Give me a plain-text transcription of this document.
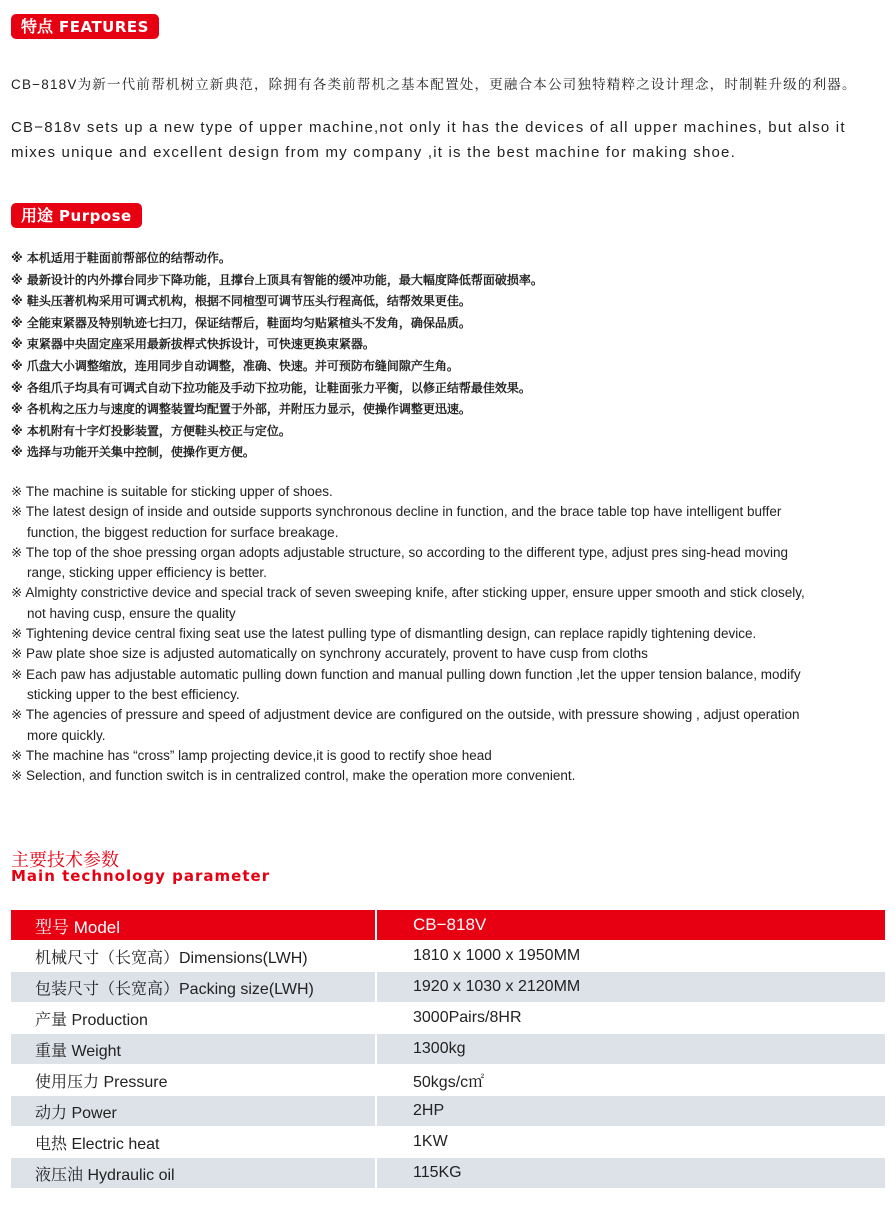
特点 FEATURES
CB−818V为新一代前帮机树立新典范，除拥有各类前帮机之基本配置处，更融合本公司独特精粹之设计理念，时制鞋升级的利器。
CB−818v sets up a new type of upper machine,not only it has the devices of all upper machines, but also it
mixes unique and excellent design from my company ,it is the best machine for making shoe.
用途 Purpose
※ 本机适用于鞋面前帮部位的结帮动作。
※ 最新设计的内外撑台同步下降功能，且撑台上顶具有智能的缓冲功能，最大幅度降低帮面破损率。
※ 鞋头压著机构采用可调式机构，根据不同楦型可调节压头行程高低，结帮效果更佳。
※ 全能束紧器及特别轨迹七扫刀，保证结帮后，鞋面均匀贴紧楦头不发角，确保品质。
※ 束紧器中央固定座采用最新拔桿式快拆设计，可快速更换束紧器。
※ 爪盘大小调整缩放，连用同步自动调整，准确、快速。并可预防布缝间隙产生角。
※ 各组爪子均具有可调式自动下拉功能及手动下拉功能，让鞋面张力平衡，以修正结帮最佳效果。
※ 各机构之压力与速度的调整装置均配置于外部，并附压力显示，使操作调整更迅速。
※ 本机附有十字灯投影装置，方便鞋头校正与定位。
※ 选择与功能开关集中控制，使操作更方便。
※ The machine is suitable for sticking upper of shoes.
※ The latest design of inside and outside supports synchronous decline in function, and the brace table top have intelligent buffer
function, the biggest reduction for surface breakage.
※ The top of the shoe pressing organ adopts adjustable structure, so according to the different type, adjust pres sing-head moving
range, sticking upper efficiency is better.
※ Almighty constrictive device and special track of seven sweeping knife, after sticking upper, ensure upper smooth and stick closely,
not having cusp, ensure the quality
※ Tightening device central fixing seat use the latest pulling type of dismantling design, can replace rapidly tightening device.
※ Paw plate shoe size is adjusted automatically on synchrony accurately, provent to have cusp from cloths
※ Each paw has adjustable automatic pulling down function and manual pulling down function ,let the upper tension balance, modify
sticking upper to the best efficiency.
※ The agencies of pressure and speed of adjustment device are configured on the outside, with pressure showing , adjust operation
more quickly.
※ The machine has “cross” lamp projecting device,it is good to rectify shoe head
※ Selection, and function switch is in centralized control, make the operation more convenient.
主要技术参数
Main technology parameter
型号 Model	CB−818V
机械尺寸（长宽高）Dimensions(LWH)	1810 x 1000 x 1950MM
包装尺寸（长宽高）Packing size(LWH)	1920 x 1030 x 2120MM
产量 Production	3000Pairs/8HR
重量 Weight	1300kg
使用压力 Pressure	50kgs/c㎡
动力 Power	2HP
电热 Electric heat	1KW
液压油 Hydraulic oil	115KG
